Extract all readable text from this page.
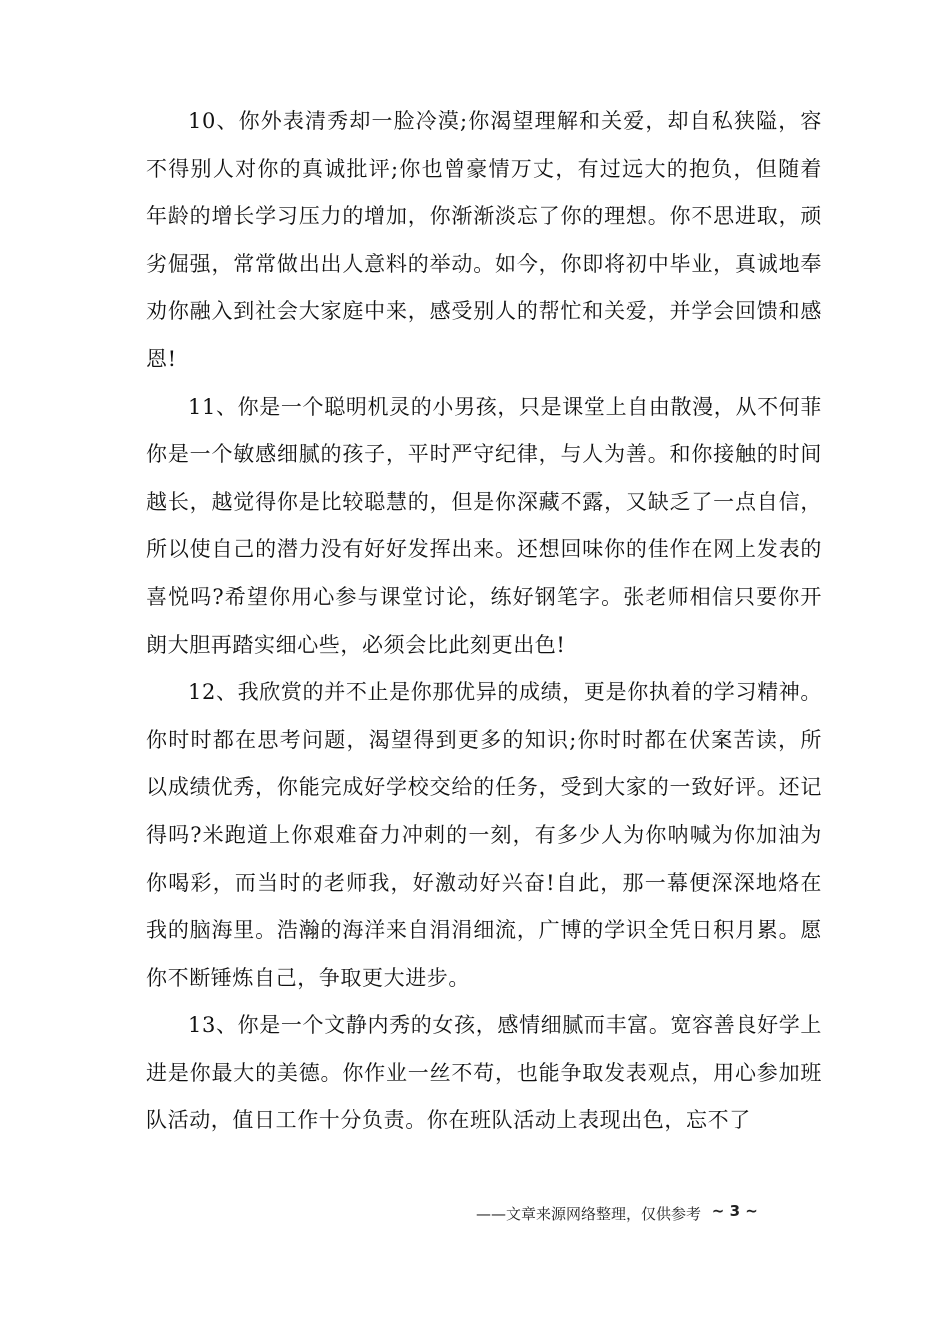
10、你外表清秀却一脸冷漠;你渴望理解和关爱，却自私狭隘，容不得别人对你的真诚批评;你也曾豪情万丈，有过远大的抱负，但随着年龄的增长学习压力的增加，你渐渐淡忘了你的理想。你不思进取，顽劣倔强，常常做出出人意料的举动。如今，你即将初中毕业，真诚地奉劝你融入到社会大家庭中来，感受别人的帮忙和关爱，并学会回馈和感恩!

11、你是一个聪明机灵的小男孩，只是课堂上自由散漫，从不何菲你是一个敏感细腻的孩子，平时严守纪律，与人为善。和你接触的时间越长，越觉得你是比较聪慧的，但是你深藏不露，又缺乏了一点自信，所以使自己的潜力没有好好发挥出来。还想回味你的佳作在网上发表的喜悦吗?希望你用心参与课堂讨论，练好钢笔字。张老师相信只要你开朗大胆再踏实细心些，必须会比此刻更出色!

12、我欣赏的并不止是你那优异的成绩，更是你执着的学习精神。你时时都在思考问题，渴望得到更多的知识;你时时都在伏案苦读，所以成绩优秀，你能完成好学校交给的任务，受到大家的一致好评。还记得吗?米跑道上你艰难奋力冲刺的一刻，有多少人为你呐喊为你加油为你喝彩，而当时的老师我，好激动好兴奋!自此，那一幕便深深地烙在我的脑海里。浩瀚的海洋来自涓涓细流，广博的学识全凭日积月累。愿你不断锤炼自己，争取更大进步。

13、你是一个文静内秀的女孩，感情细腻而丰富。宽容善良好学上进是你最大的美德。你作业一丝不苟，也能争取发表观点，用心参加班队活动，值日工作十分负责。你在班队活动上表现出色，忘不了

——文章来源网络整理，仅供参考 ~ 3 ~
